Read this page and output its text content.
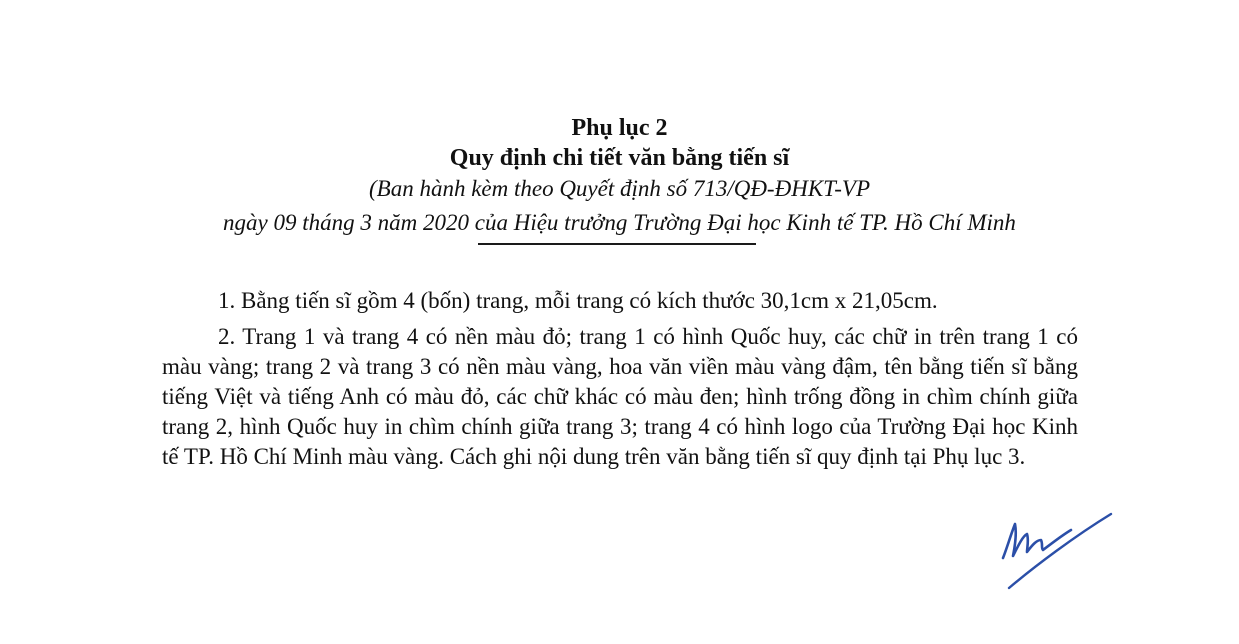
Phụ lục 2
Quy định chi tiết văn bằng tiến sĩ
(Ban hành kèm theo Quyết định số 713/QĐ-ĐHKT-VP
ngày 09 tháng 3 năm 2020 của Hiệu trưởng Trường Đại học Kinh tế TP. Hồ Chí Minh

1. Bằng tiến sĩ gồm 4 (bốn) trang, mỗi trang có kích thước 30,1cm x 21,05cm.

2. Trang 1 và trang 4 có nền màu đỏ; trang 1 có hình Quốc huy, các chữ in trên trang 1 có màu vàng; trang 2 và trang 3 có nền màu vàng, hoa văn viền màu vàng đậm, tên bằng tiến sĩ bằng tiếng Việt và tiếng Anh có màu đỏ, các chữ khác có màu đen; hình trống đồng in chìm chính giữa trang 2, hình Quốc huy in chìm chính giữa trang 3; trang 4 có hình logo của Trường Đại học Kinh tế TP. Hồ Chí Minh màu vàng. Cách ghi nội dung trên văn bằng tiến sĩ quy định tại Phụ lục 3.
